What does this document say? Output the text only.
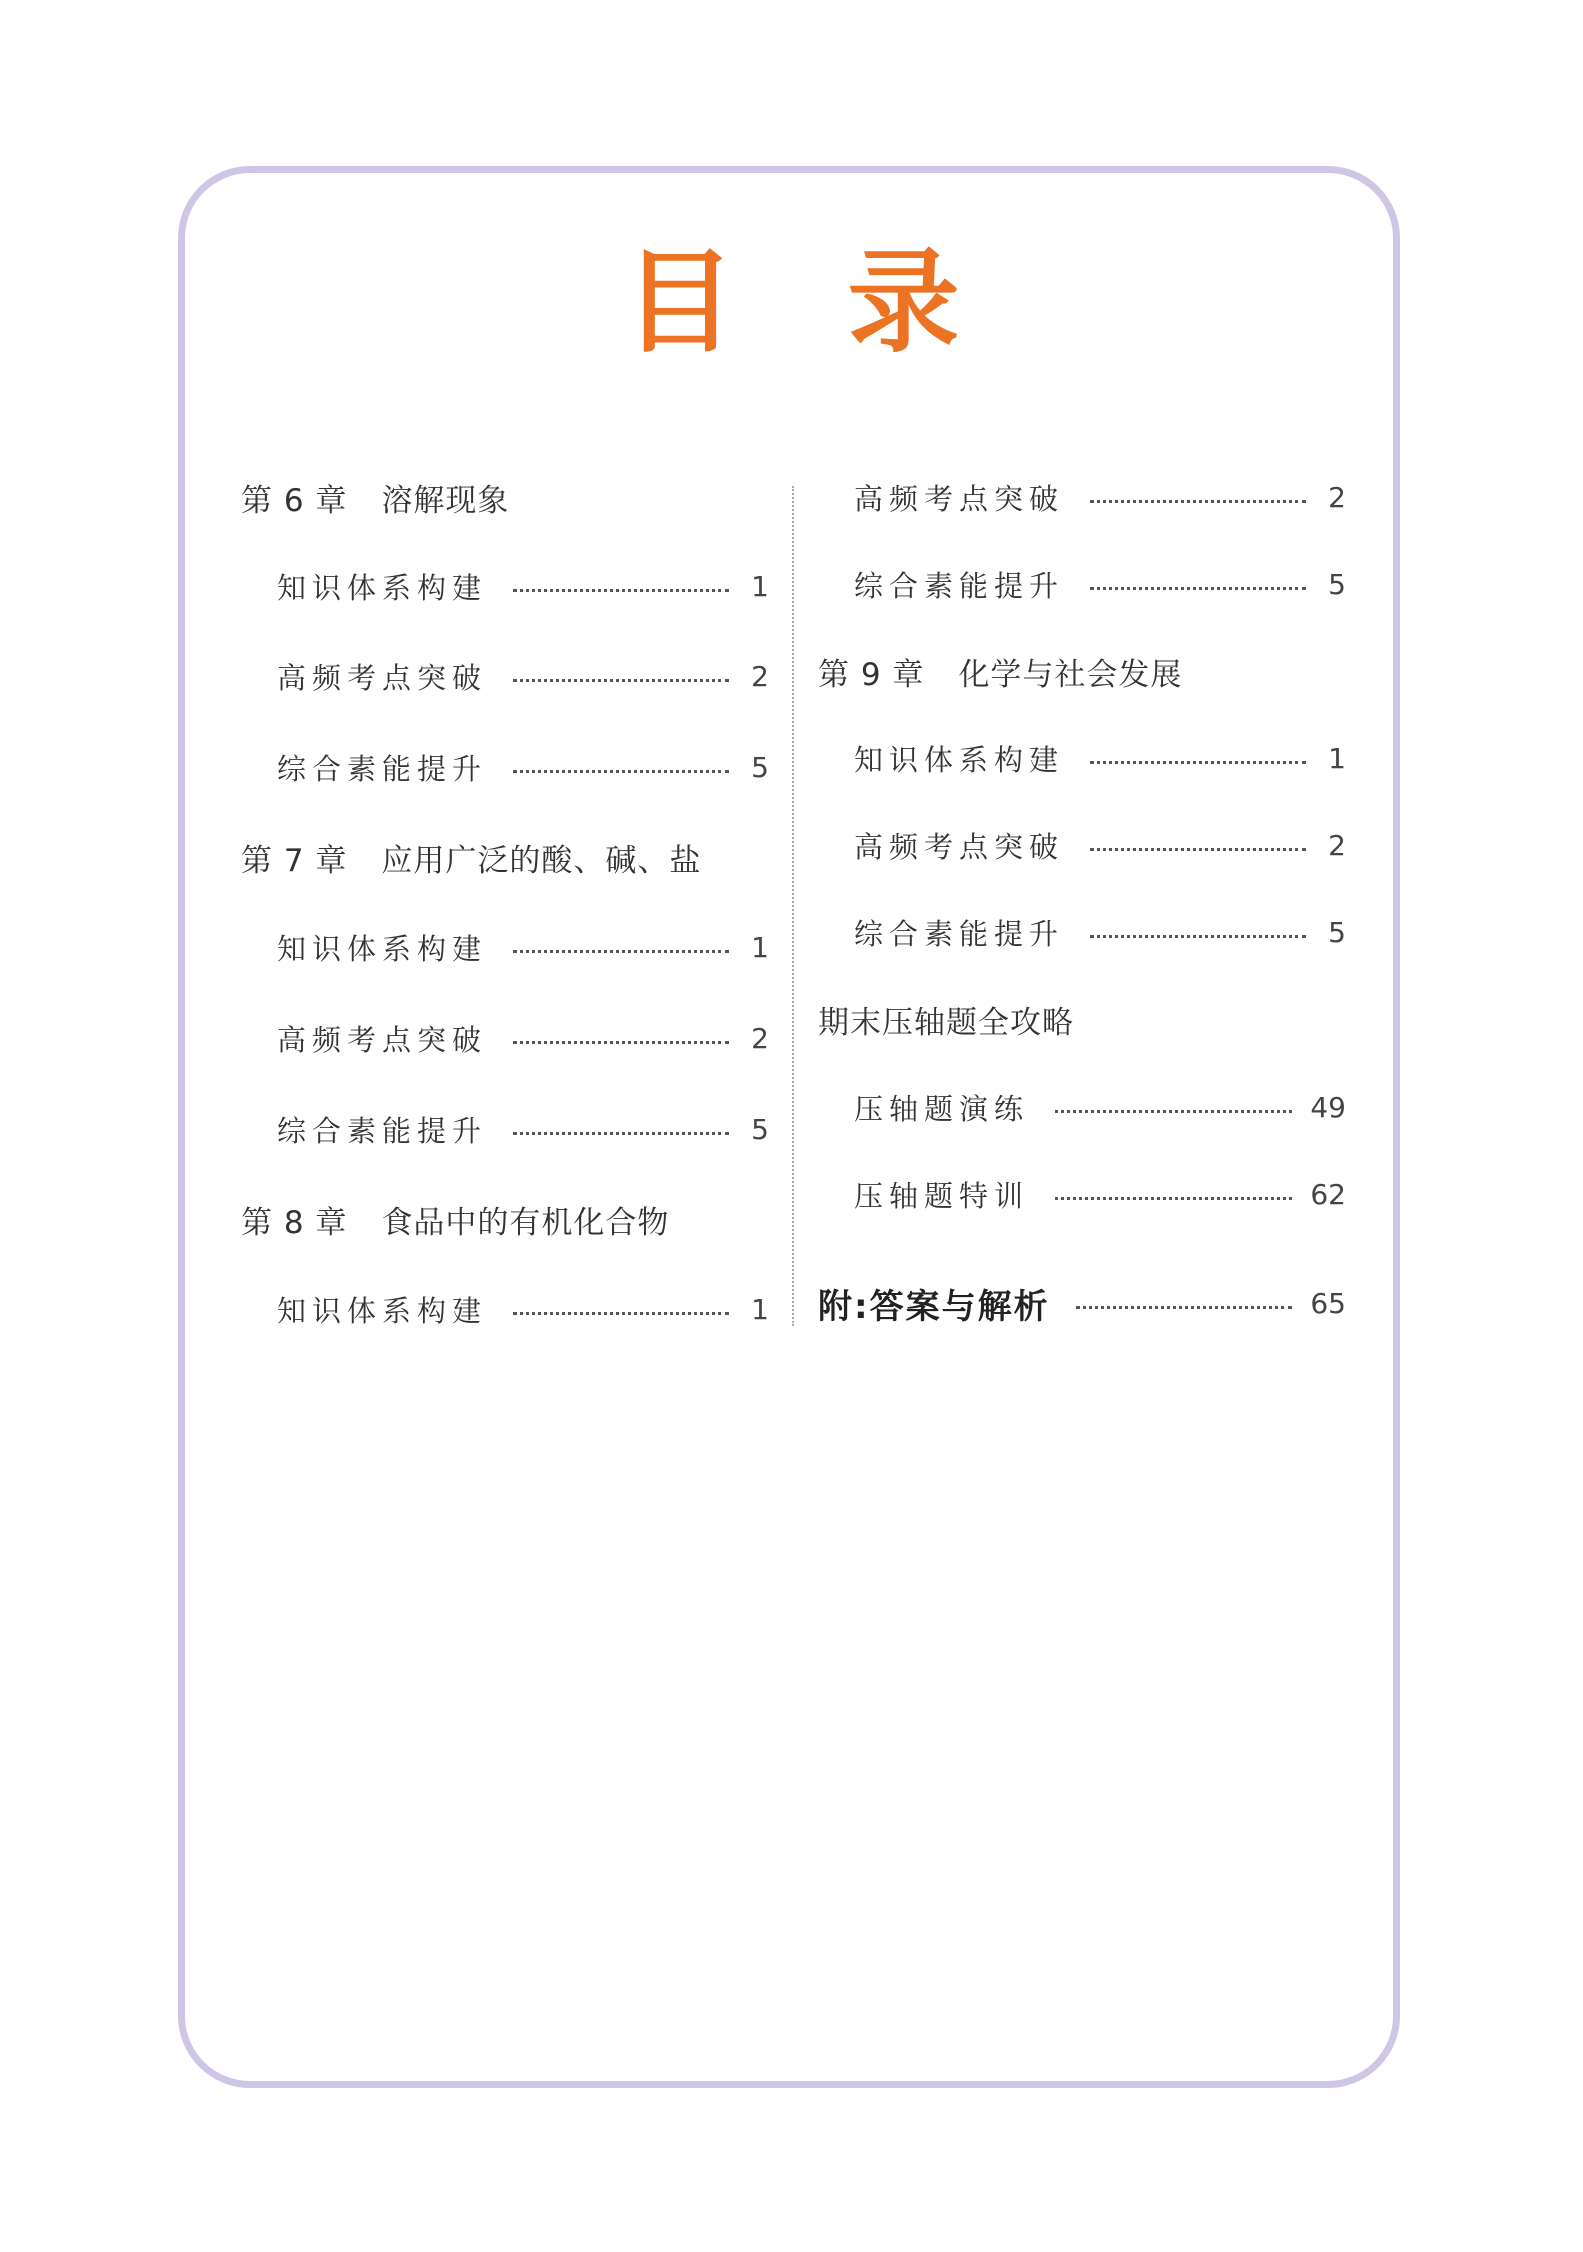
目 录
第 6 章 溶解现象
知识体系构建	1
高频考点突破	2
综合素能提升	5
第 7 章 应用广泛的酸、碱、盐
知识体系构建	1
高频考点突破	2
综合素能提升	5
第 8 章 食品中的有机化合物
知识体系构建	1
高频考点突破	2
综合素能提升	5
第 9 章 化学与社会发展
知识体系构建	1
高频考点突破	2
综合素能提升	5
期末压轴题全攻略
压轴题演练	49
压轴题特训	62
附:答案与解析	65
